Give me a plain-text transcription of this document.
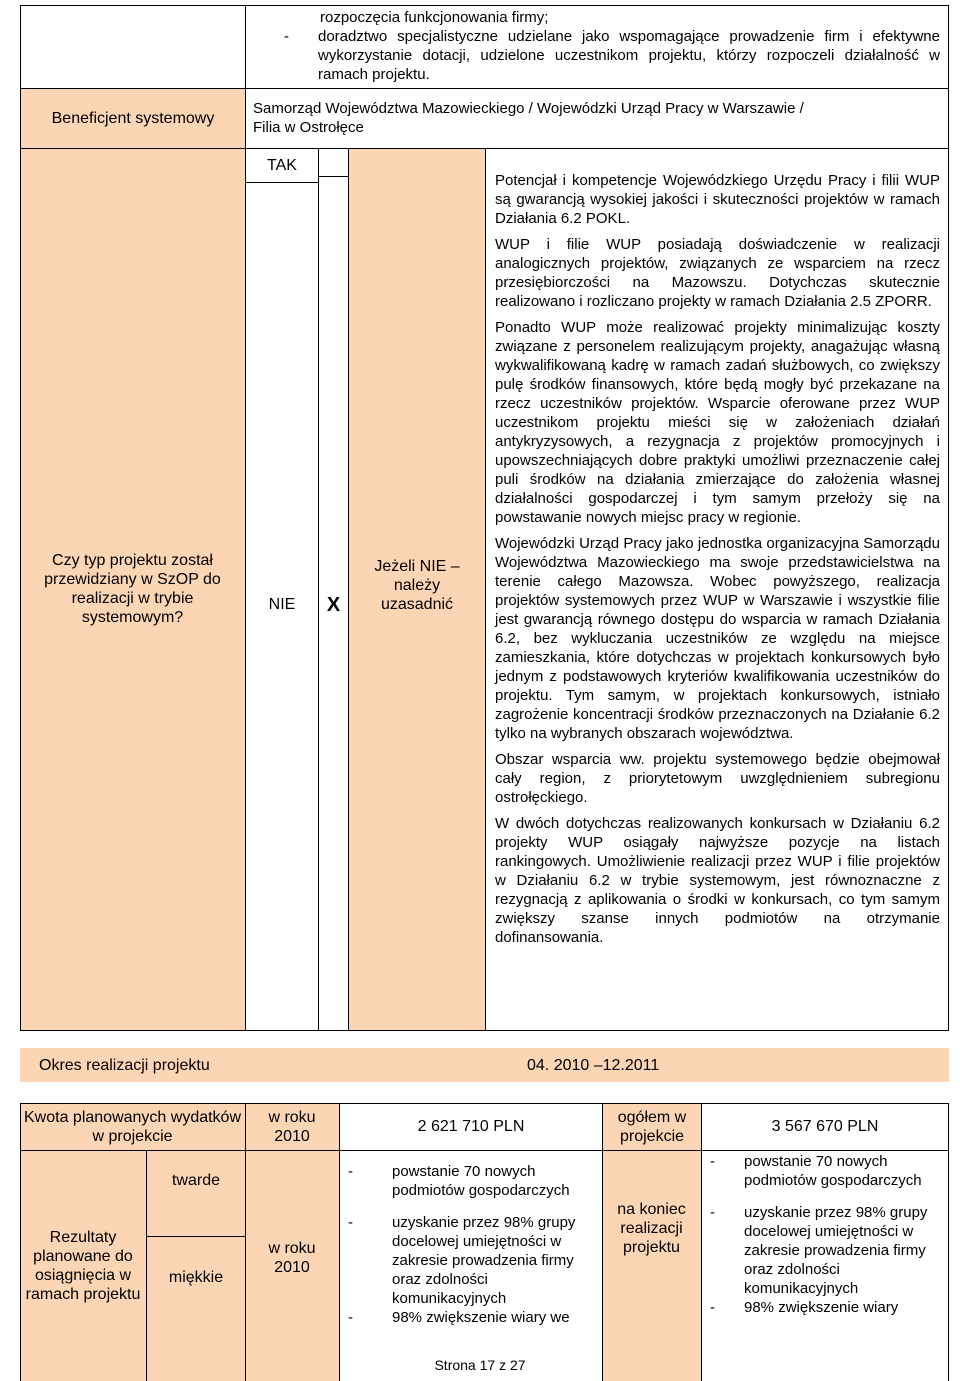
rozpoczęcia funkcjonowania firmy;

- doradztwo specjalistyczne udzielane jako wspomagające prowadzenie firm i efektywne wykorzystanie dotacji, udzielone uczestnikom projektu, którzy rozpoczeli działalność w ramach projektu.
Beneficjent systemowy

Samorząd Województwa Mazowieckiego / Wojewódzki Urząd Pracy w Warszawie /

Filia w Ostrołęce

Czy typ projektu został przewidziany w SzOP do realizacji w trybie systemowym?
TAK
NIE	X
Jeżeli NIE – należy uzasadnić

Potencjał i kompetencje Wojewódzkiego Urzędu Pracy i filii WUP są gwarancją wysokiej jakości i skuteczności projektów w ramach Działania 6.2 POKL.

WUP i filie WUP posiadają doświadczenie w realizacji analogicznych projektów, związanych ze wsparciem na rzecz przesiębiorczości na Mazowszu. Dotychczas skutecznie realizowano i rozliczano projekty w ramach Działania 2.5 ZPORR.

Ponadto WUP może realizować projekty minimalizując koszty związane z personelem realizującym projekty, anagażując własną wykwalifikowaną kadrę w ramach zadań służbowych, co zwiększy pulę środków finansowych, które będą mogły być przekazane na rzecz uczestników projektów. Wsparcie oferowane przez WUP uczestnikom projektu mieści się w założeniach działań antykryzysowych, a rezygnacja z projektów promocyjnych i upowszechniających dobre praktyki umożliwi przeznaczenie całej puli środków na działania zmierzające do założenia własnej działalności gospodarczej i tym samym przełoży się na powstawanie nowych miejsc pracy w regionie.

Wojewódzki Urząd Pracy jako jednostka organizacyjna Samorządu Województwa Mazowieckiego ma swoje przedstawicielstwa na terenie całego Mazowsza. Wobec powyższego, realizacja projektów systemowych przez WUP w Warszawie i wszystkie filie jest gwarancją równego dostępu do wsparcia w ramach Działania 6.2, bez wykluczania uczestników ze względu na miejsce zamieszkania, które dotychczas w projektach konkursowych było jednym z podstawowych kryteriów kwalifikowania uczestników do projektu. Tym samym, w projektach konkursowych, istniało zagrożenie koncentracji środków przeznaczonych na Działanie 6.2 tylko na wybranych obszarach województwa.

Obszar wsparcia ww. projektu systemowego będzie obejmował cały region, z priorytetowym uwzględnieniem subregionu ostrołęckiego.

W dwóch dotychczas realizowanych konkursach w Działaniu 6.2 projekty WUP osiągały najwyższe pozycje na listach rankingowych. Umożliwienie realizacji przez WUP i filie projektów w Działaniu 6.2 w trybie systemowym, jest równoznaczne z rezygnacją z aplikowania o środki w konkursach, co tym samym zwiększy szanse innych podmiotów na otrzymanie dofinansowania.

Okres realizacji projektu	04. 2010 –12.2011
Kwota planowanych wydatków w projekcie
w roku 2010
2 621 710 PLN
ogółem w projekcie
3 567 670 PLN
Rezultaty planowane do osiągnięcia w ramach projektu
twarde
miękkie
w roku 2010
na koniec realizacji projektu
- powstanie 70 nowych podmiotów gospodarczych
- uzyskanie przez 98% grupy docelowej umiejętności w zakresie prowadzenia firmy oraz zdolności komunikacyjnych
- 98% zwiększenie wiary we
- powstanie 70 nowych podmiotów gospodarczych
- uzyskanie przez 98% grupy docelowej umiejętności w zakresie prowadzenia firmy oraz zdolności komunikacyjnych
- 98% zwiększenie wiary
Strona 17 z 27
